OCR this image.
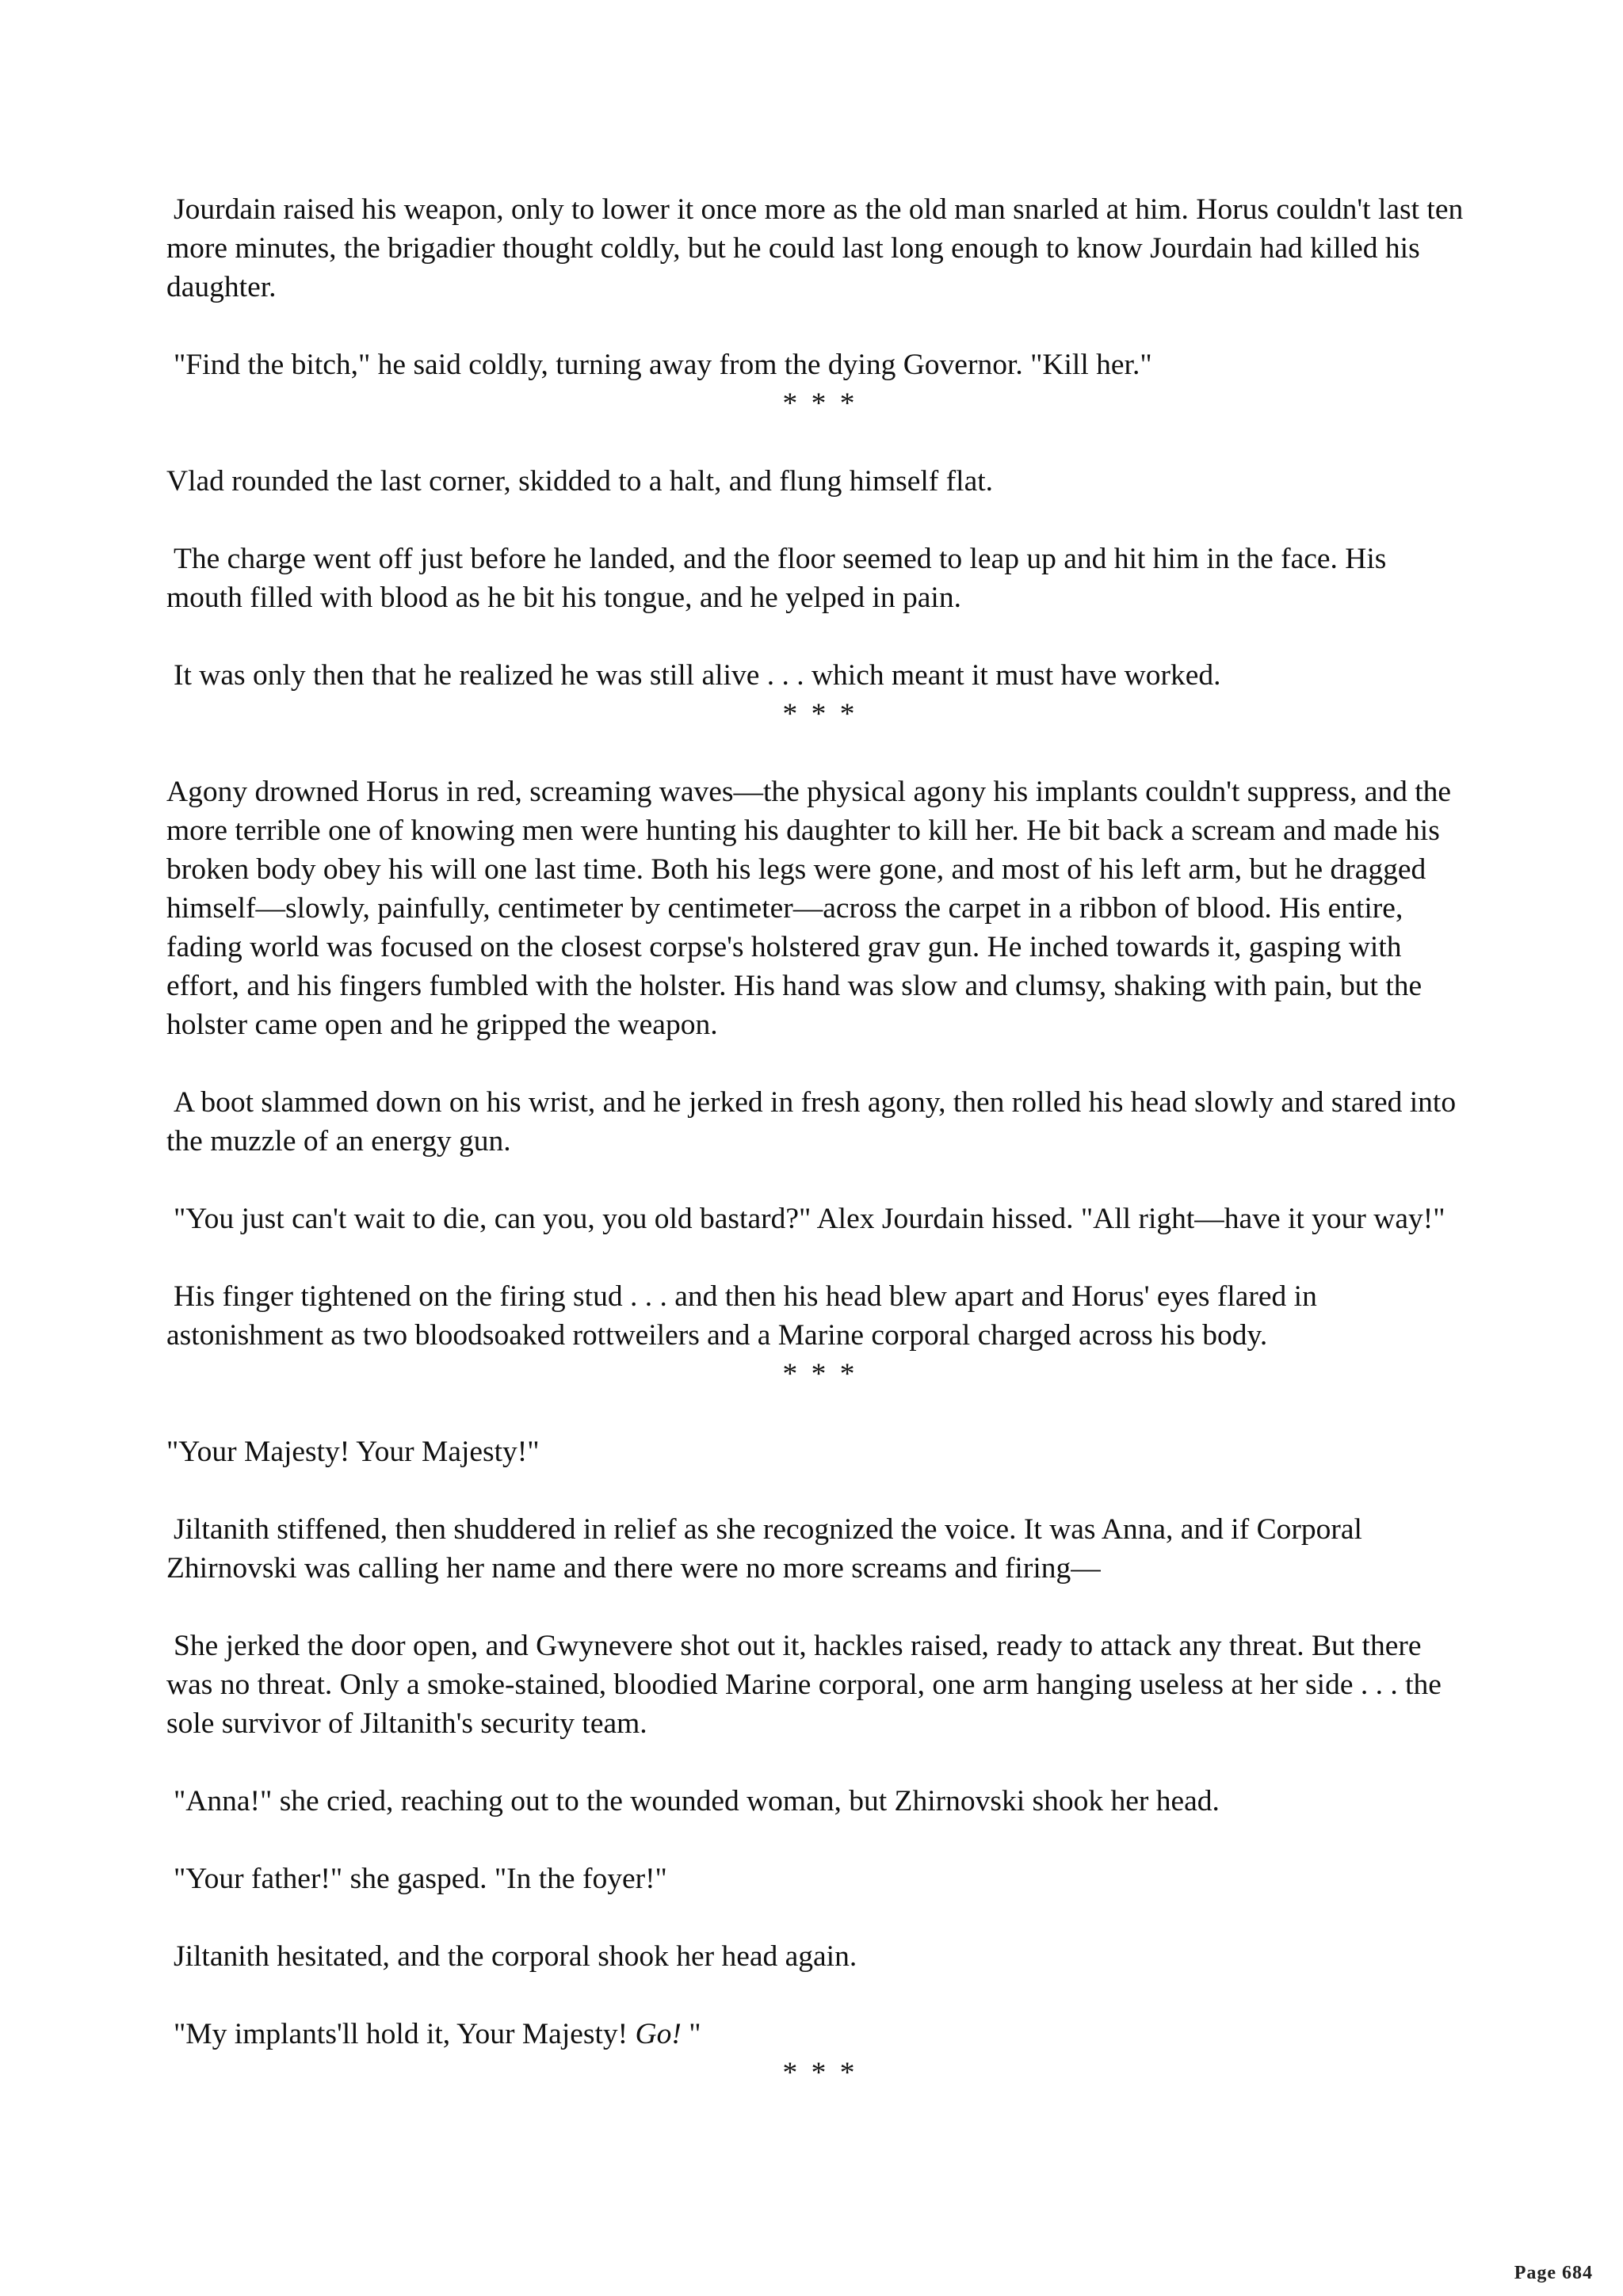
Jourdain raised his weapon, only to lower it once more as the old man snarled at him. Horus couldn't last ten more minutes, the brigadier thought coldly, but he could last long enough to know Jourdain had killed his daughter.

"Find the bitch," he said coldly, turning away from the dying Governor. "Kill her."

* * *

Vlad rounded the last corner, skidded to a halt, and flung himself flat.

The charge went off just before he landed, and the floor seemed to leap up and hit him in the face. His mouth filled with blood as he bit his tongue, and he yelped in pain.

It was only then that he realized he was still alive . . . which meant it must have worked.

* * *

Agony drowned Horus in red, screaming waves—the physical agony his implants couldn't suppress, and the more terrible one of knowing men were hunting his daughter to kill her. He bit back a scream and made his broken body obey his will one last time. Both his legs were gone, and most of his left arm, but he dragged himself—slowly, painfully, centimeter by centimeter—across the carpet in a ribbon of blood. His entire, fading world was focused on the closest corpse's holstered grav gun. He inched towards it, gasping with effort, and his fingers fumbled with the holster. His hand was slow and clumsy, shaking with pain, but the holster came open and he gripped the weapon.

A boot slammed down on his wrist, and he jerked in fresh agony, then rolled his head slowly and stared into the muzzle of an energy gun.

"You just can't wait to die, can you, you old bastard?" Alex Jourdain hissed. "All right—have it your way!"

His finger tightened on the firing stud . . . and then his head blew apart and Horus' eyes flared in astonishment as two bloodsoaked rottweilers and a Marine corporal charged across his body.

* * *

"Your Majesty! Your Majesty!"

Jiltanith stiffened, then shuddered in relief as she recognized the voice. It was Anna, and if Corporal Zhirnovski was calling her name and there were no more screams and firing—

She jerked the door open, and Gwynevere shot out it, hackles raised, ready to attack any threat. But there was no threat. Only a smoke-stained, bloodied Marine corporal, one arm hanging useless at her side . . . the sole survivor of Jiltanith's security team.

"Anna!" she cried, reaching out to the wounded woman, but Zhirnovski shook her head.

"Your father!" she gasped. "In the foyer!"

Jiltanith hesitated, and the corporal shook her head again.

"My implants'll hold it, Your Majesty! Go! "

* * *
Page 684
